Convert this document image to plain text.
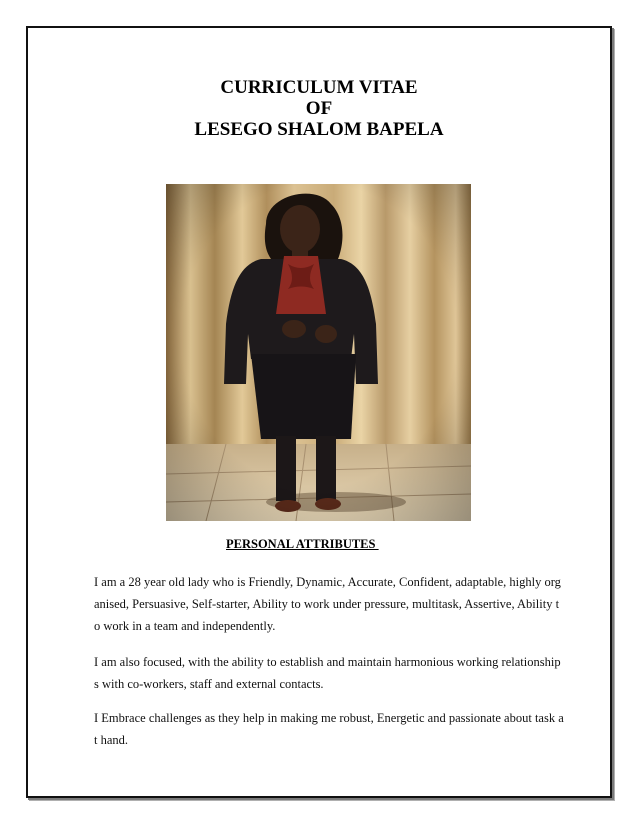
CURRICULUM VITAE
OF
LESEGO SHALOM BAPELA
PERSONAL ATTRIBUTES
I am a 28 year old lady who is Friendly, Dynamic, Accurate, Confident, adaptable, highly organised, Persuasive, Self-starter, Ability to work under pressure, multitask, Assertive, Ability to work in a team and independently.
I am also focused, with the ability to establish and maintain harmonious working relationships with co-workers, staff and external contacts.
I Embrace challenges as they help in making me robust, Energetic and passionate about task at hand.
